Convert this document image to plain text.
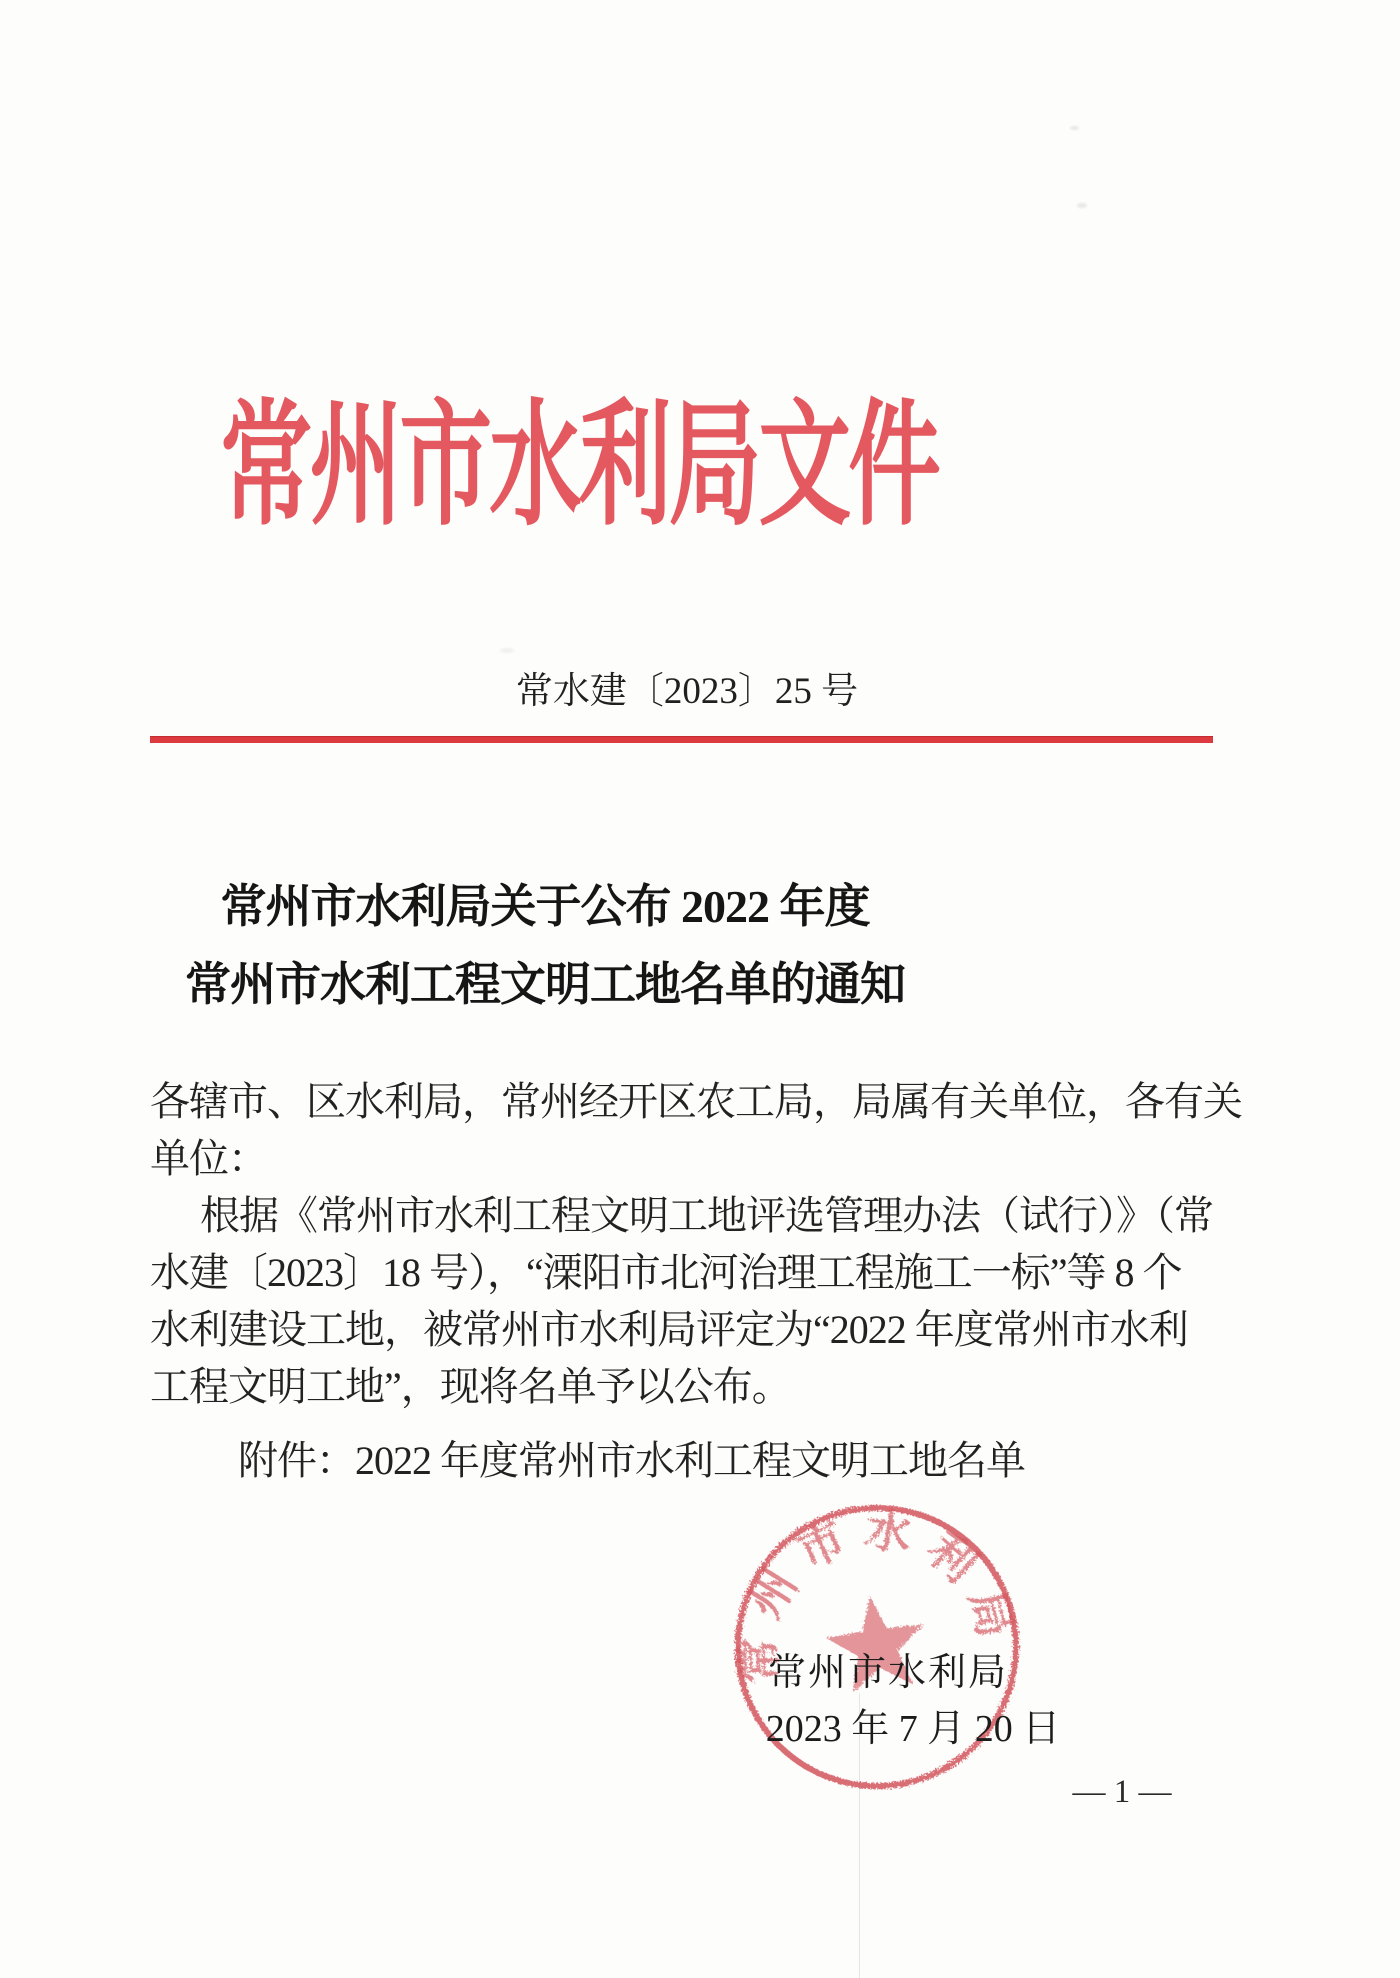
常州市水利局文件
常水建〔2023〕25 号
常州市水利局关于公布 2022 年度
常州市水利工程文明工地名单的通知
各辖市、区水利局，常州经开区农工局，局属有关单位，各有关
单位：
根据《常州市水利工程文明工地评选管理办法（试行）》（常
水建〔2023〕18 号），“溧阳市北河治理工程施工一标”等 8 个
水利建设工地，被常州市水利局评定为“2022 年度常州市水利
工程文明工地”，现将名单予以公布。
附件：2022 年度常州市水利工程文明工地名单
常州市水利局
常州市水利局
2023 年 7 月 20 日
— 1 —
